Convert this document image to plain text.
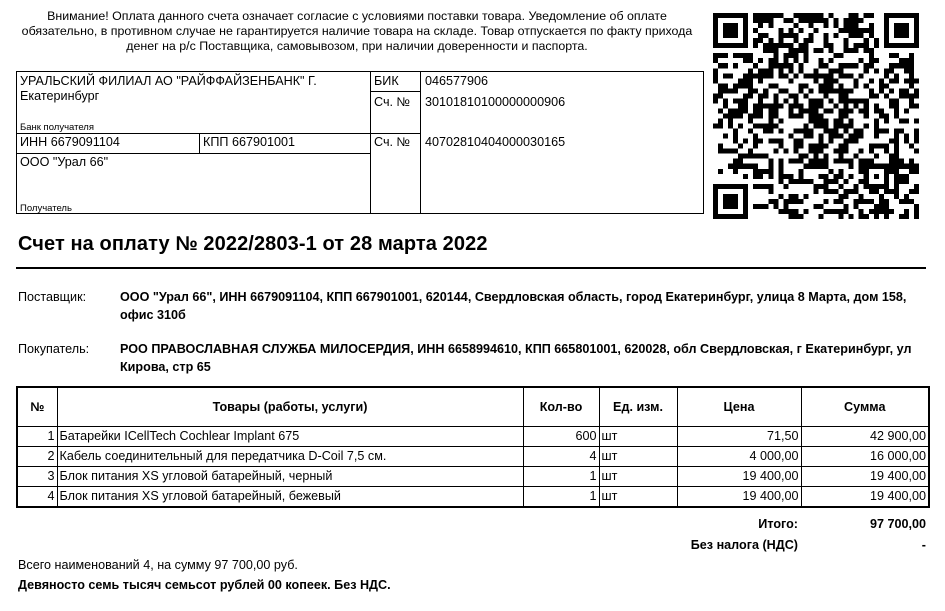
Внимание! Оплата данного счета означает согласие с условиями поставки товара. Уведомление об оплате обязательно, в противном случае не гарантируется наличие товара на складе. Товар отпускается по факту прихода денег на р/с Поставщика, самовывозом, при наличии доверенности и паспорта.
УРАЛЬСКИЙ ФИЛИАЛ АО "РАЙФФАЙЗЕНБАНК" Г.
Екатеринбург
Банк получателя
БИК 046577906
Сч. № 30101810100000000906
ИНН 6679091104	КПП 667901001	Сч. № 40702810404000030165
ООО "Урал 66"
Получатель
Счет на оплату № 2022/2803-1 от 28 марта 2022
Поставщик:	ООО "Урал 66", ИНН 6679091104, КПП 667901001, 620144, Свердловская область, город Екатеринбург, улица 8 Марта, дом 158, офис 310б
Покупатель: РОО ПРАВОСЛАВНАЯ СЛУЖБА МИЛОСЕРДИЯ, ИНН 6658994610, КПП 665801001, 620028, обл Свердловская, г Екатеринбург, ул Кирова, стр 65
№	Товары (работы, услуги)	Кол-во	Ед. изм.	Цена	Сумма
1	Батарейки ICellTech Cochlear Implant 675	600	шт	71,50	42 900,00
2	Кабель соединительный для передатчика D-Coil 7,5 см.	4	шт	4 000,00	16 000,00
3	Блок питания XS угловой батарейный, черный	1	шт	19 400,00	19 400,00
4	Блок питания XS угловой батарейный, бежевый	1	шт	19 400,00	19 400,00
Итого:	97 700,00
Без налога (НДС)	-
Всего наименований 4, на сумму 97 700,00 руб.
Девяносто семь тысяч семьсот рублей 00 копеек. Без НДС.
